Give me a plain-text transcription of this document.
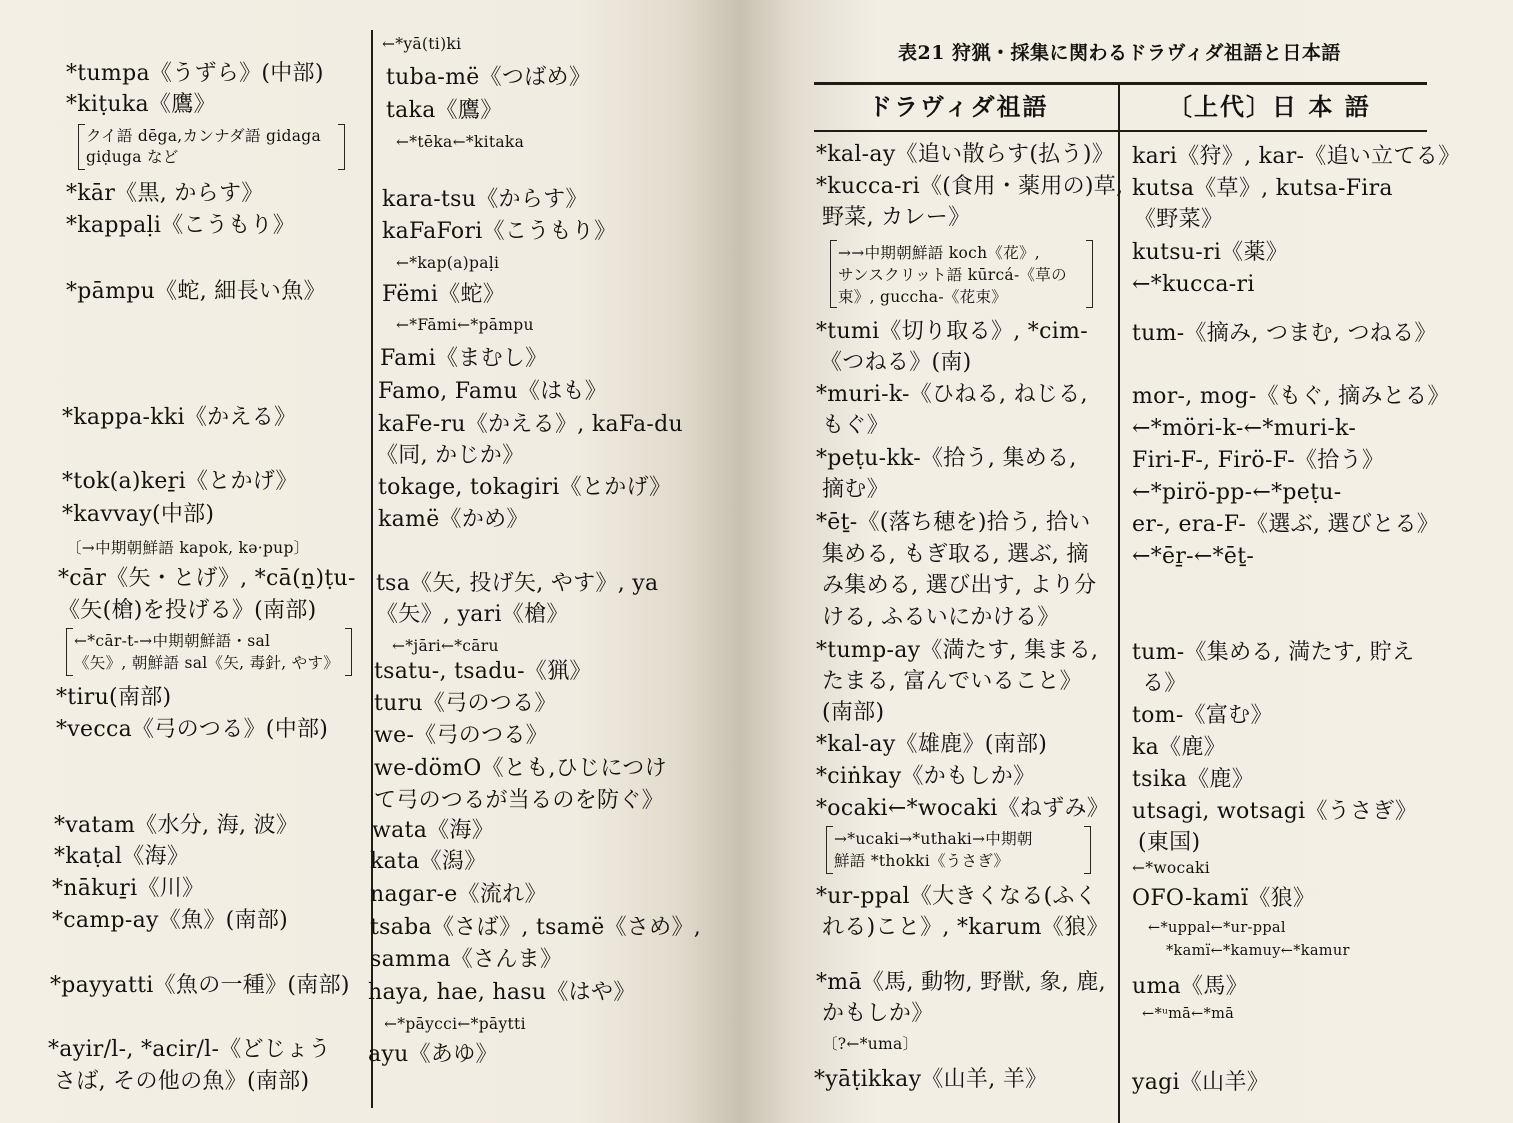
*tumpa《うずら》(中部)
*kiṭuka《鷹》
クイ語 dēga,カンナダ語 gidaga
giḍuga など
*kār《黒, からす》
*kappaḷi《こうもり》
*pāmpu《蛇, 細長い魚》
*kappa-kki《かえる》
*tok(a)keṟi《とかげ》
*kavvay(中部)
〔→中期朝鮮語 kapok, kə·pup〕
*cār《矢・とげ》, *cā(ṉ)ṭu-
《矢(槍)を投げる》(南部)
←*cār-t-→中期朝鮮語・sal
《矢》, 朝鮮語 sal《矢, 毒針, やす》
*tiru(南部)
*vecca《弓のつる》(中部)
*vatam《水分, 海, 波》
*kaṭal《海》
*nākuṟi《川》
*camp-ay《魚》(南部)
*payyatti《魚の一種》(南部)
*ayir/l-, *acir/l-《どじょう
さば, その他の魚》(南部)
←*yā(ti)ki
tuba-më《つばめ》
taka《鷹》
←*tēka←*kitaka
kara-tsu《からす》
kaFaFori《こうもり》
←*kap(a)paḷi
Fëmi《蛇》
←*Fāmi←*pāmpu
Fami《まむし》
Famo, Famu《はも》
kaFe-ru《かえる》, kaFa-du
《同, かじか》
tokage, tokagiri《とかげ》
kamë《かめ》
tsa《矢, 投げ矢, やす》, ya
《矢》, yari《槍》
←*jāri←*cāru
tsatu-, tsadu-《猟》
turu《弓のつる》
we-《弓のつる》
we-dömO《とも,ひじにつけ
て弓のつるが当るのを防ぐ》
wata《海》
kata《潟》
nagar-e《流れ》
tsaba《さば》, tsamë《さめ》,
samma《さんま》
haya, hae, hasu《はや》
←*pāycci←*pāytti
ayu《あゆ》
表21 狩猟・採集に関わるドラヴィダ祖語と日本語
ドラヴィダ祖語	〔上代〕日 本 語
*kal-ay《追い散らす(払う)》
*kucca-ri《(食用・薬用の)草,
野菜, カレー》
→→中期朝鮮語 koch《花》,
サンスクリット語 kūrcá-《草の
束》, guccha-《花束》
*tumi《切り取る》, *cim-
《つねる》(南)
*muri-k-《ひねる, ねじる,
もぐ》
*peṭu-kk-《拾う, 集める,
摘む》
*ēṯ-《(落ち穂を)拾う, 拾い
集める, もぎ取る, 選ぶ, 摘
み集める, 選び出す, より分
ける, ふるいにかける》
*tump-ay《満たす, 集まる,
たまる, 富んでいること》
(南部)
*kal-ay《雄鹿》(南部)
*ciṅkay《かもしか》
*ocaki←*wocaki《ねずみ》
→*ucaki→*uthaki→中期朝
鮮語 *thokki《うさぎ》
*ur-ppal《大きくなる(ふく
れる)こと》, *karum《狼》
*mā《馬, 動物, 野獣, 象, 鹿,
かもしか》
〔?←*uma〕
*yāṭikkay《山羊, 羊》
kari《狩》, kar-《追い立てる》
kutsa《草》, kutsa-Fira
《野菜》
kutsu-ri《薬》
←*kucca-ri
tum-《摘み, つまむ, つねる》
mor-, mog-《もぐ, 摘みとる》
←*möri-k-←*muri-k-
Firi-F-, Firö-F-《拾う》
←*pirö-pp-←*peṭu-
er-, era-F-《選ぶ, 選びとる》
←*ēṟ-←*ēṯ-
tum-《集める, 満たす, 貯え
る》
tom-《富む》
ka《鹿》
tsika《鹿》
utsagi, wotsagi《うさぎ》
(東国)
←*wocaki
OFO-kamï《狼》
←*uppal←*ur-ppal
*kamï←*kamuy←*kamur
uma《馬》
←*ᵘmā←*mā
yagi《山羊》
